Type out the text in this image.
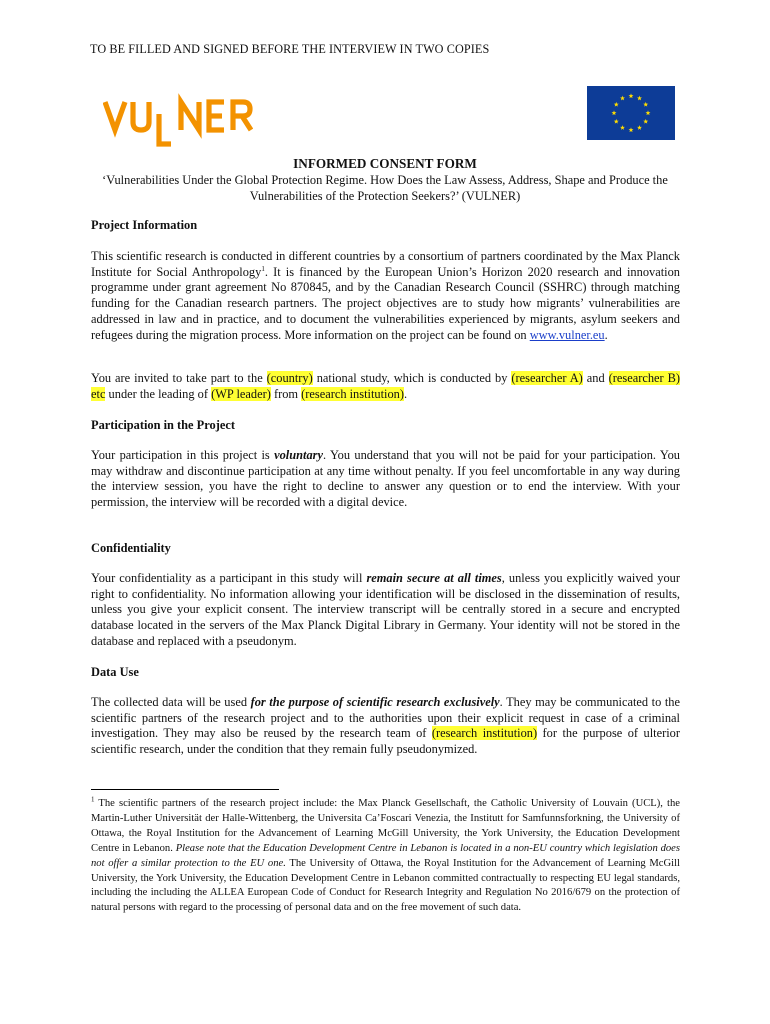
TO BE FILLED AND SIGNED BEFORE THE INTERVIEW IN TWO COPIES
INFORMED CONSENT FORM
‘Vulnerabilities Under the Global Protection Regime. How Does the Law Assess, Address, Shape and Produce the Vulnerabilities of the Protection Seekers?’ (VULNER)
Project Information
This scientific research is conducted in different countries by a consortium of partners coordinated by the Max Planck Institute for Social Anthropology$^1$. It is financed by the European Union’s Horizon 2020 research and innovation programme under grant agreement No 870845, and by the Canadian Research Council (SSHRC) through matching funding for the Canadian research partners. The project objectives are to study how migrants’ vulnerabilities are addressed in law and in practice, and to document the vulnerabilities experienced by migrants, asylum seekers and refugees during the migration process. More information on the project can be found on www.vulner.eu.
You are invited to take part to the (country) national study, which is conducted by (researcher A) and (researcher B) etc under the leading of (WP leader) from (research institution).
Participation in the Project
Your participation in this project is voluntary. You understand that you will not be paid for your participation. You may withdraw and discontinue participation at any time without penalty. If you feel uncomfortable in any way during the interview session, you have the right to decline to answer any question or to end the interview. With your permission, the interview will be recorded with a digital device.
Confidentiality
Your confidentiality as a participant in this study will remain secure at all times, unless you explicitly waived your right to confidentiality. No information allowing your identification will be disclosed in the dissemination of results, unless you give your explicit consent. The interview transcript will be centrally stored in a secure and encrypted database located in the servers of the Max Planck Digital Library in Germany. Your identity will not be stored in the database and replaced with a pseudonym.
Data Use
The collected data will be used for the purpose of scientific research exclusively. They may be communicated to the scientific partners of the research project and to the authorities upon their explicit request in case of a criminal investigation. They may also be reused by the research team of (research institution) for the purpose of ulterior scientific research, under the condition that they remain fully pseudonymized.
$^1$ The scientific partners of the research project include: the Max Planck Gesellschaft, the Catholic University of Louvain (UCL), the Martin-Luther Universität der Halle-Wittenberg, the Universita Ca’Foscari Venezia, the Institutt for Samfunnsforkning, the University of Ottawa, the Royal Institution for the Advancement of Learning McGill University, the York University, the Education Development Centre in Lebanon. Please note that the Education Development Centre in Lebanon is located in a non-EU country which legislation does not offer a similar protection to the EU one. The University of Ottawa, the Royal Institution for the Advancement of Learning McGill University, the York University, the Education Development Centre in Lebanon committed contractually to respecting EU legal standards, including the including the ALLEA European Code of Conduct for Research Integrity and Regulation No 2016/679 on the protection of natural persons with regard to the processing of personal data and on the free movement of such data.
